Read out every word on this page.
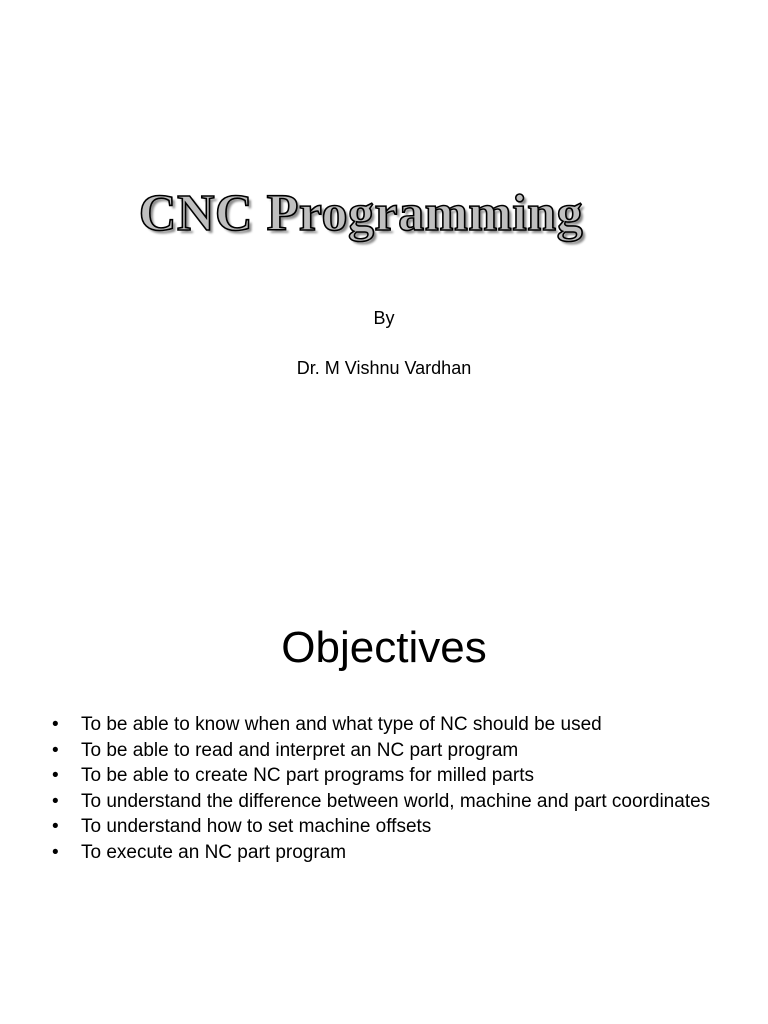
CNC Programming
By
Dr. M Vishnu Vardhan
Objectives
• To be able to know when and what type of NC should be used
• To be able to read and interpret an NC part program
• To be able to create NC part programs for milled parts
• To understand the difference between world, machine and part coordinates
• To understand how to set machine offsets
• To execute an NC part program
